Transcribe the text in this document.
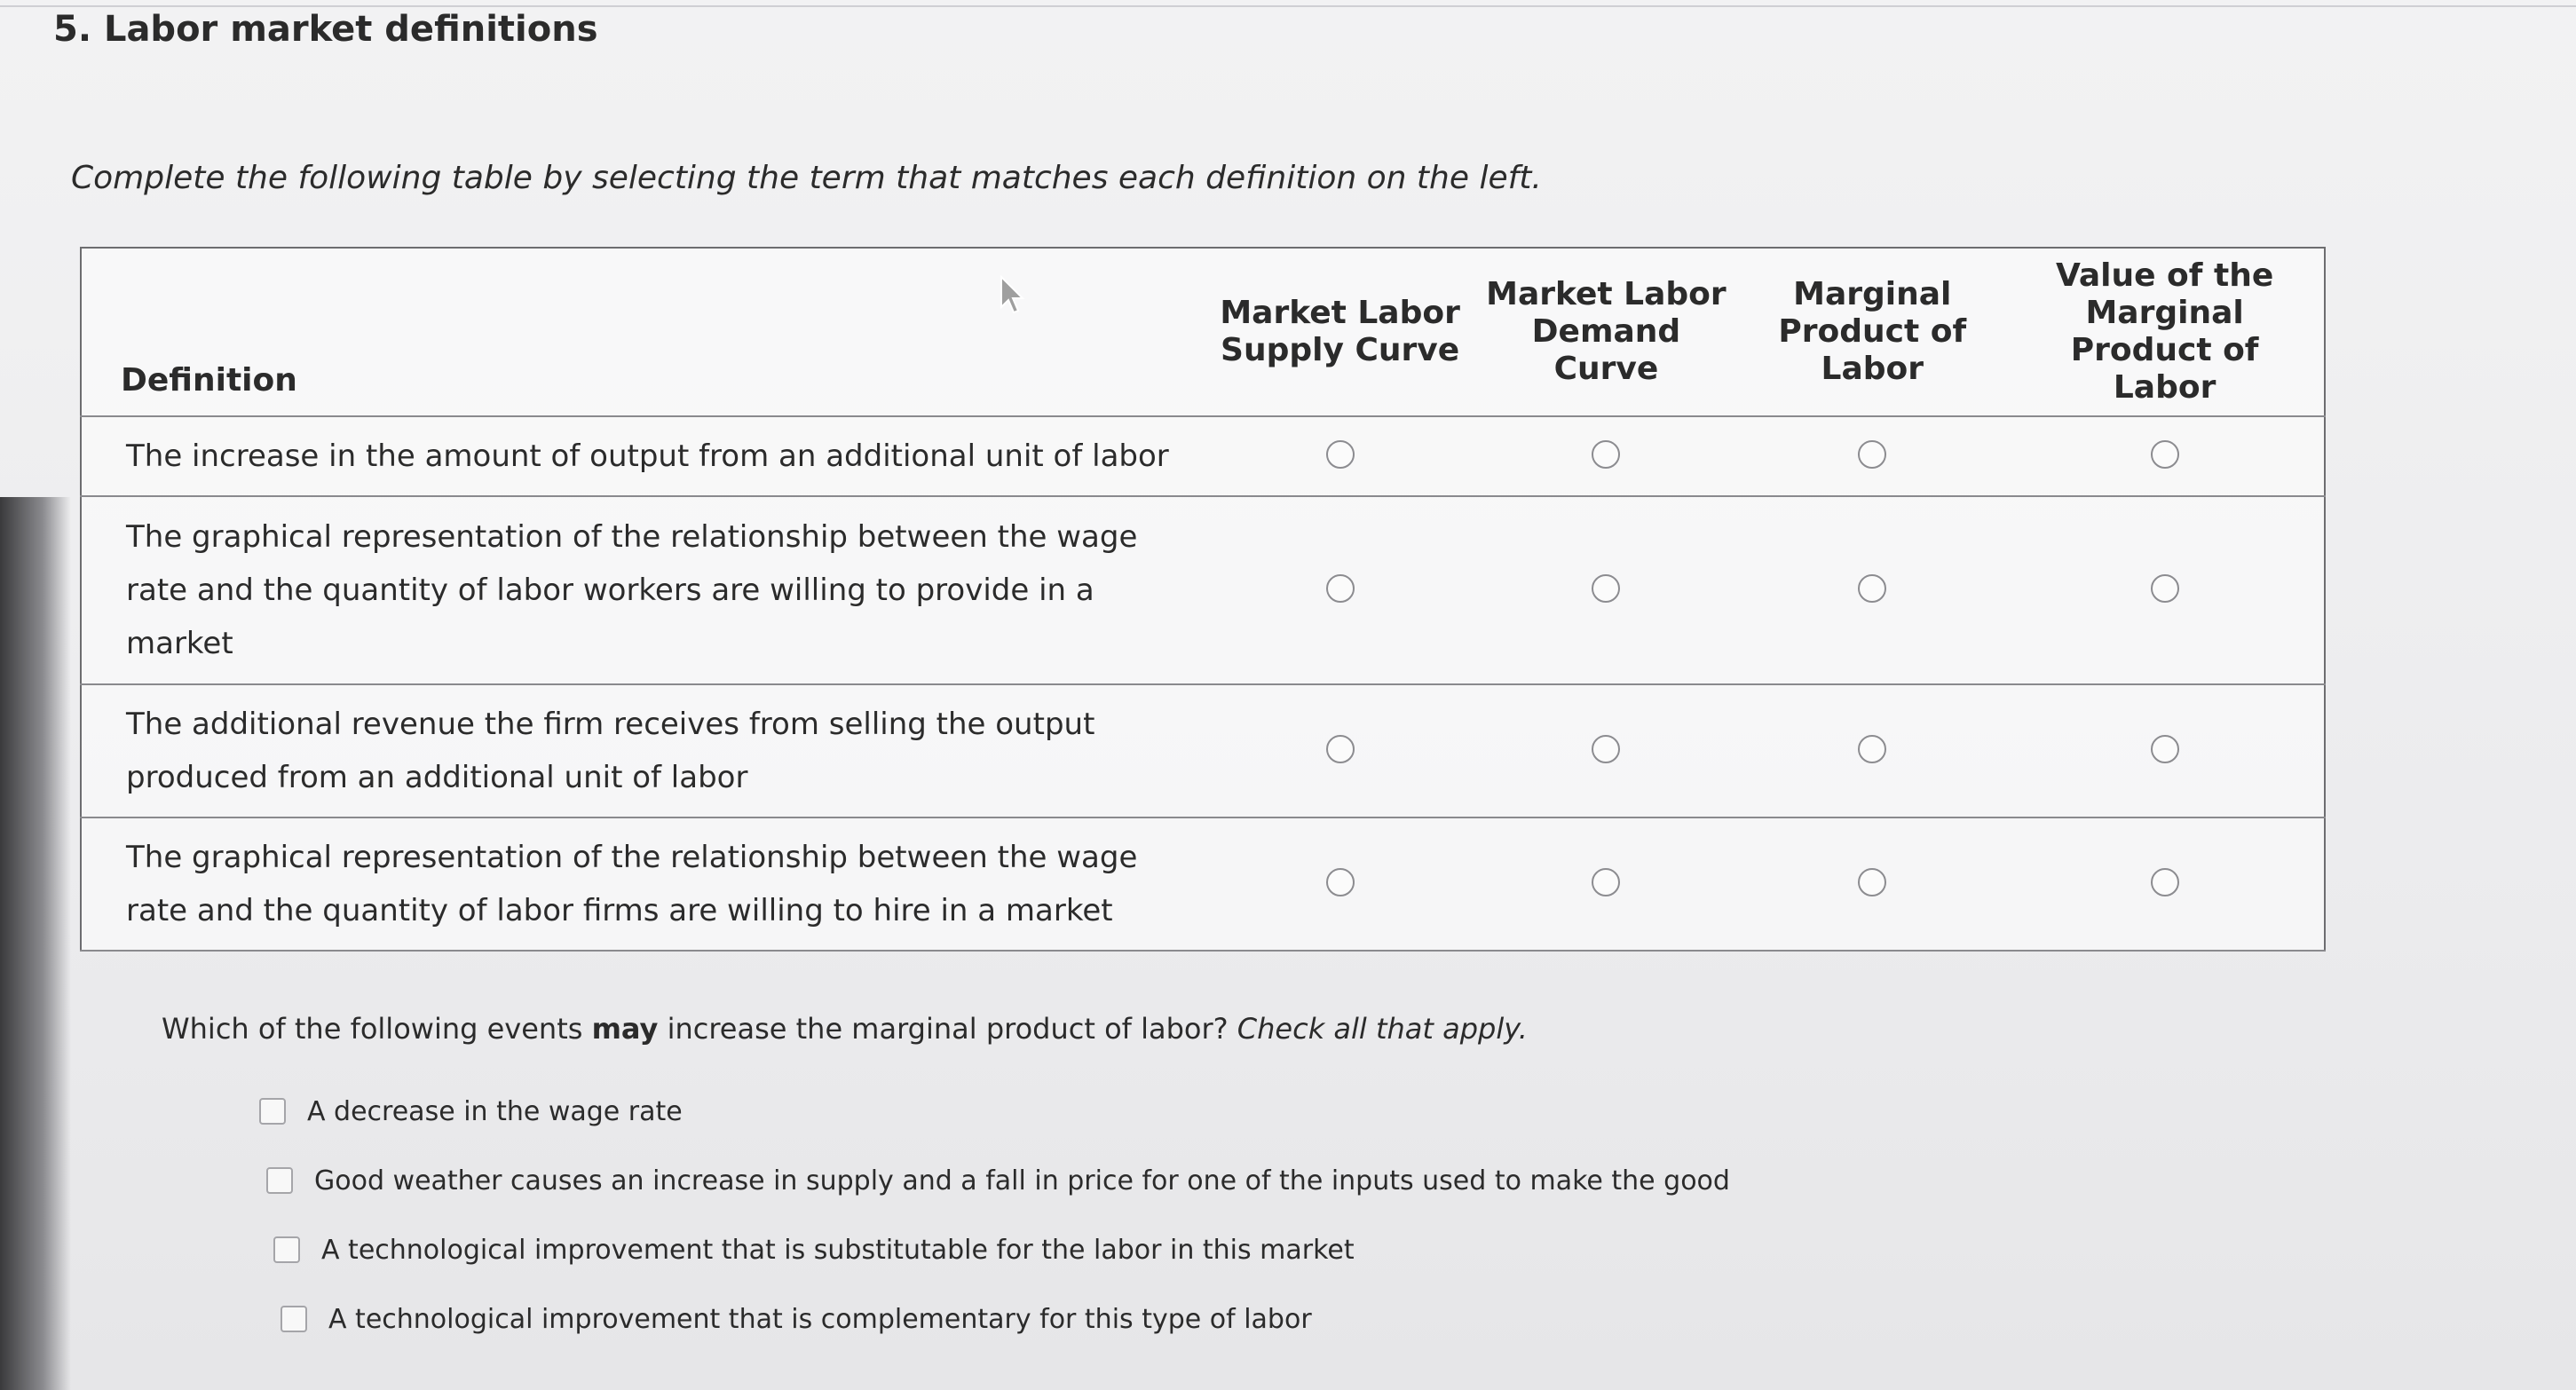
5. Labor market definitions
Complete the following table by selecting the term that matches each definition on the left.
Definition	Market Labor Supply Curve	Market Labor Demand Curve	Marginal Product of Labor	Value of the Marginal Product of Labor
The increase in the amount of output from an additional unit of labor				
The graphical representation of the relationship between the wage rate and the quantity of labor workers are willing to provide in a market				
The additional revenue the firm receives from selling the output produced from an additional unit of labor				
The graphical representation of the relationship between the wage rate and the quantity of labor firms are willing to hire in a market				
Which of the following events may increase the marginal product of labor? Check all that apply.
A decrease in the wage rate
Good weather causes an increase in supply and a fall in price for one of the inputs used to make the good
A technological improvement that is substitutable for the labor in this market
A technological improvement that is complementary for this type of labor
